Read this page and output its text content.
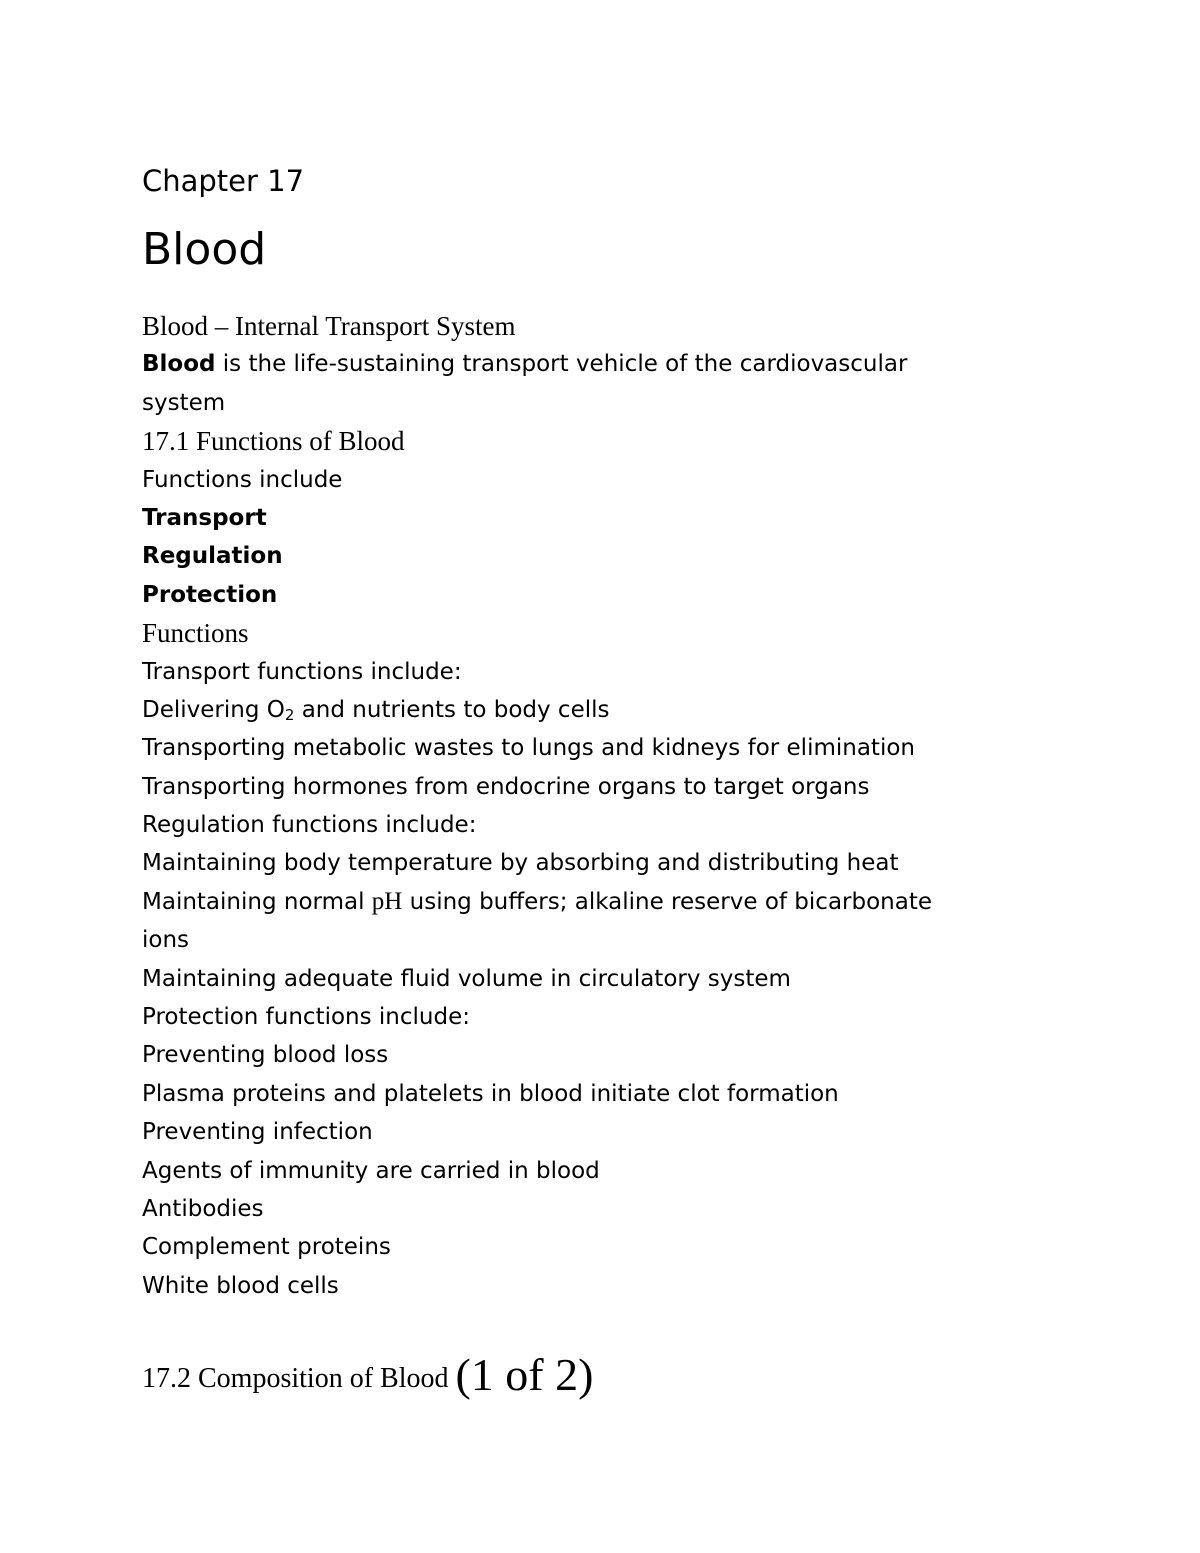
Chapter 17
Blood
Blood – Internal Transport System
Blood is the life-sustaining transport vehicle of the cardiovascular
system
17.1 Functions of Blood
Functions include
Transport
Regulation
Protection
Functions
Transport functions include:
Delivering $O_2$ and nutrients to body cells
Transporting metabolic wastes to lungs and kidneys for elimination
Transporting hormones from endocrine organs to target organs
Regulation functions include:
Maintaining body temperature by absorbing and distributing heat
Maintaining normal pH using buffers; alkaline reserve of bicarbonate
ions
Maintaining adequate fluid volume in circulatory system
Protection functions include:
Preventing blood loss
Plasma proteins and platelets in blood initiate clot formation
Preventing infection
Agents of immunity are carried in blood
Antibodies
Complement proteins
White blood cells
17.2 Composition of Blood (1 of 2)
